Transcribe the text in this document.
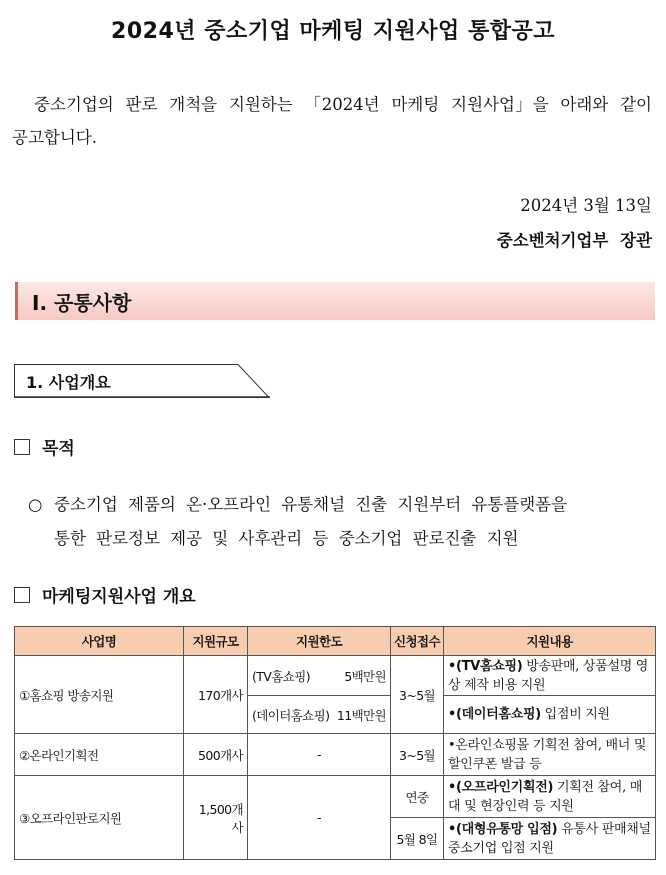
2024년 중소기업 마케팅 지원사업 통합공고
중소기업의 판로 개척을 지원하는 「2024년 마케팅 지원사업」을 아래와 같이 공고합니다.
2024년 3월 13일
중소벤처기업부 장관
Ⅰ. 공통사항
1. 사업개요
목적
○ 중소기업 제품의 온·오프라인 유통채널 진출 지원부터 유통플랫폼을
통한 판로정보 제공 및 사후관리 등 중소기업 판로진출 지원
마케팅지원사업 개요
사업명	지원규모	지원한도	신청접수	지원내용
①홈쇼핑 방송지원	170개사	(TV홈쇼핑) 5백만원	3~5월	•(TV홈쇼핑) 방송판매, 상품설명 영상 제작 비용 지원

		(데이터홈쇼핑) 11백만원		•(데이터홈쇼핑) 입점비 지원
②온라인기획전	500개사	-	3~5월	•온라인쇼핑몰 기획전 참여, 배너 및 할인쿠폰 발급 등
③오프라인판로지원	1,500개사	-	연중	•(오프라인기획전) 기획전 참여, 매대 및 현장인력 등 지원
			5월 8일	•(대형유통망 입점) 유통사 판매채널 중소기업 입점 지원
